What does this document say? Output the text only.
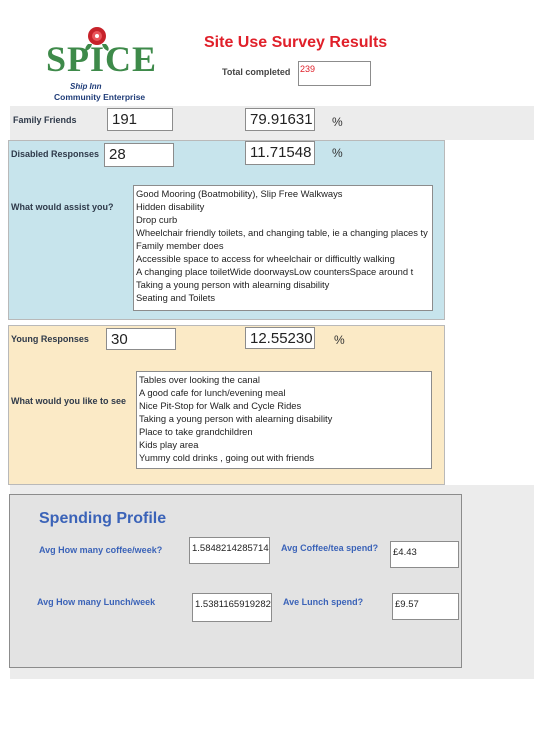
SPICE
Ship Inn
Community Enterprise
Site Use Survey Results
Total completed 239
Family Friends	191	79.91631 %
Disabled Responses 28	11.71548 %
What would assist you?
Good Mooring (Boatmobility), Slip Free Walkways
Hidden disability
Drop curb
Wheelchair friendly toilets, and changing table, ie a changing places ty
Family member does
Accessible space to access for wheelchair or difficultly walking
A changing place toiletWide doorwaysLow countersSpace around t
Taking a young person with alearning disability
Seating and Toilets
Young Responses	30	12.55230 %
What would you like to see
Tables over looking the canal
A good cafe for lunch/evening meal
Nice Pit-Stop for Walk and Cycle Rides
Taking a young person with alearning disability
Place to take grandchildren
Kids play area
Yummy cold drinks , going out with friends
Spending Profile
Avg How many coffee/week?	1.5848214285714 Avg Coffee/tea spend?	£4.43
Avg How many Lunch/week	1.5381165919282 Ave Lunch spend?	£9.57
